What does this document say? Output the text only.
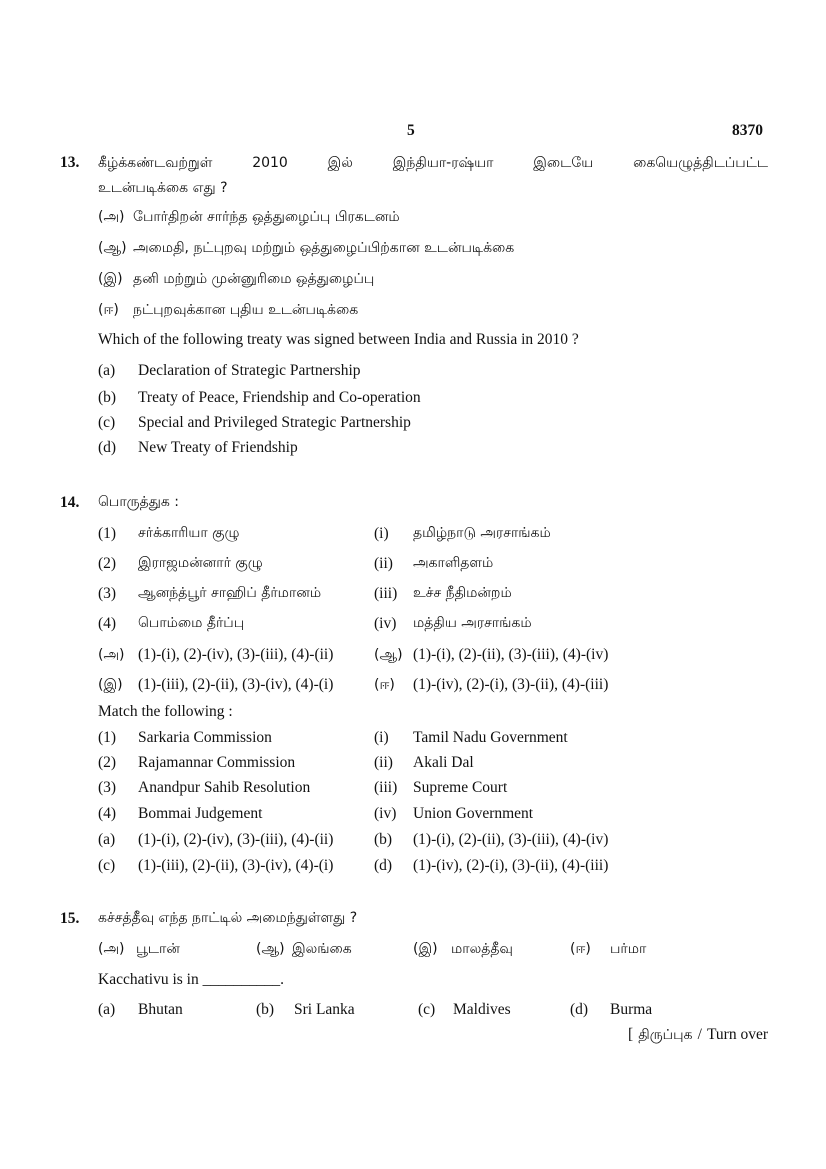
5	8370
13. கீழ்க்கண்டவற்றுள் 2010 இல் இந்தியா-ரஷ்யா இடையே கையெழுத்திடப்பட்ட
உடன்படிக்கை எது ?
(அ) போர்திறன் சார்ந்த ஒத்துழைப்பு பிரகடனம்
(ஆ) அமைதி, நட்புறவு மற்றும் ஒத்துழைப்பிற்கான உடன்படிக்கை
(இ) தனி மற்றும் முன்னுரிமை ஒத்துழைப்பு
(ஈ) நட்புறவுக்கான புதிய உடன்படிக்கை
Which of the following treaty was signed between India and Russia in 2010 ?
(a) Declaration of Strategic Partnership
(b) Treaty of Peace, Friendship and Co-operation
(c) Special and Privileged Strategic Partnership
(d) New Treaty of Friendship
14. பொருத்துக :
(1) சர்க்காரியா குழு	(i) தமிழ்நாடு அரசாங்கம்
(2) இராஜமன்னார் குழு	(ii) அகாளிதளம்
(3) ஆனந்த்பூர் சாஹிப் தீர்மானம்	(iii) உச்ச நீதிமன்றம்
(4) பொம்மை தீர்ப்பு	(iv) மத்திய அரசாங்கம்
(அ) (1)-(i), (2)-(iv), (3)-(iii), (4)-(ii)	(ஆ) (1)-(i), (2)-(ii), (3)-(iii), (4)-(iv)
(இ) (1)-(iii), (2)-(ii), (3)-(iv), (4)-(i)	(ஈ) (1)-(iv), (2)-(i), (3)-(ii), (4)-(iii)
Match the following :
(1) Sarkaria Commission	(i) Tamil Nadu Government
(2) Rajamannar Commission	(ii) Akali Dal
(3) Anandpur Sahib Resolution	(iii) Supreme Court
(4) Bommai Judgement	(iv) Union Government
(a) (1)-(i), (2)-(iv), (3)-(iii), (4)-(ii)	(b) (1)-(i), (2)-(ii), (3)-(iii), (4)-(iv)
(c) (1)-(iii), (2)-(ii), (3)-(iv), (4)-(i)	(d) (1)-(iv), (2)-(i), (3)-(ii), (4)-(iii)
15. கச்சத்தீவு எந்த நாட்டில் அமைந்துள்ளது ?
(அ) பூடான்	(ஆ) இலங்கை	(இ) மாலத்தீவு	(ஈ) பர்மா
Kacchativu is in __________.
(a) Bhutan	(b) Sri Lanka	(c) Maldives	(d) Burma
[ திருப்புக / Turn over
